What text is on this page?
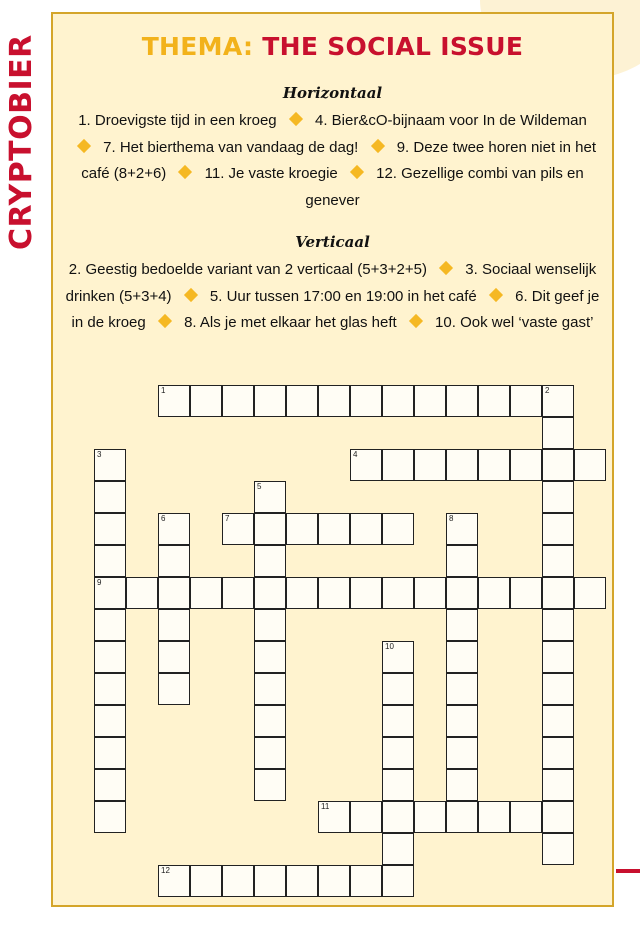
CRYPTOBIER	THEMA: THE SOCIAL ISSUE
Horizontaal
1. Droevigste tijd in een kroeg	4. Bier&cO-bijnaam voor In de Wildeman  7. Het bierthema van vandaag de dag!	9. Deze twee horen niet in het café (8+2+6)	11. Je vaste kroegie	12. Gezellige combi van pils en genever
Verticaal
2. Geestig bedoelde variant van 2 verticaal (5+3+2+5)	3. Sociaal wenselijk drinken (5+3+4)	5. Uur tussen 17:00 en 19:00 in het café	6. Dit geef je in de kroeg	8. Als je met elkaar het glas heft	10. Ook wel ‘vaste gast’
1	2
4
7
9
11
12
3
5
6	8
10
